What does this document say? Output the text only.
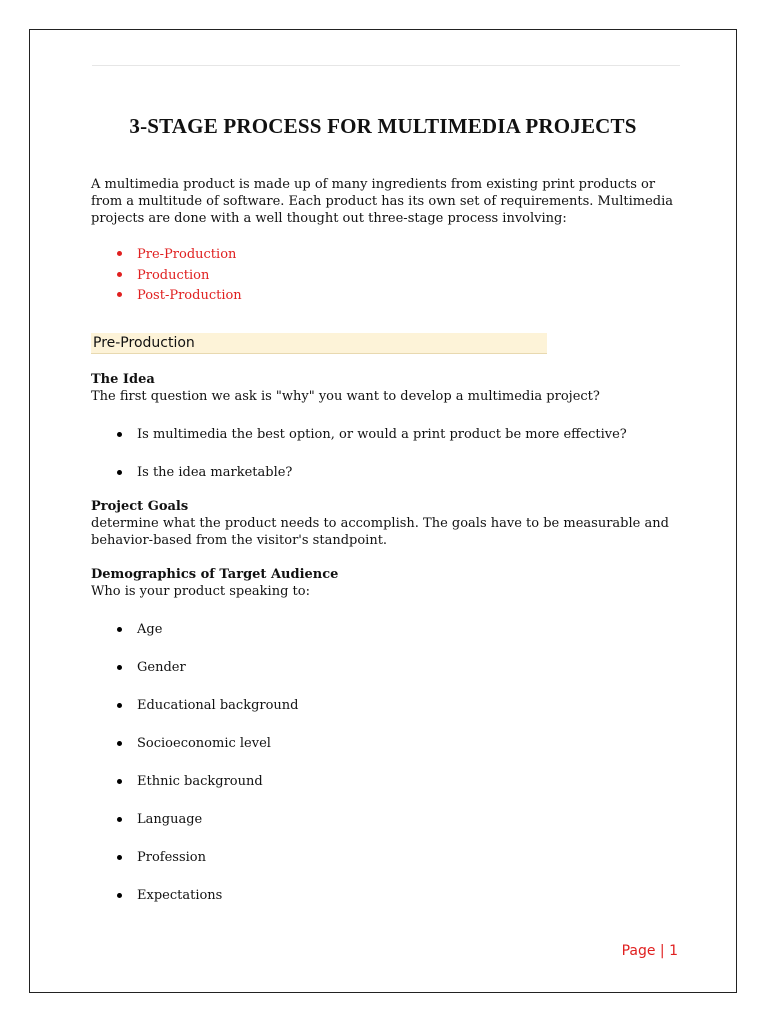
3-STAGE PROCESS FOR MULTIMEDIA PROJECTS

A multimedia product is made up of many ingredients from existing print products or from a multitude of software. Each product has its own set of requirements. Multimedia projects are done with a well thought out three-stage process involving:

Pre-Production
Production
Post-Production
Pre-Production

The Idea

The first question we ask is "why" you want to develop a multimedia project?

Is multimedia the best option, or would a print product be more effective?
Is the idea marketable?

Project Goals

determine what the product needs to accomplish. The goals have to be measurable and behavior-based from the visitor's standpoint.

Demographics of Target Audience

Who is your product speaking to:

Age
Gender
Educational background
Socioeconomic level
Ethnic background
Language
Profession
Expectations
Page | 1
